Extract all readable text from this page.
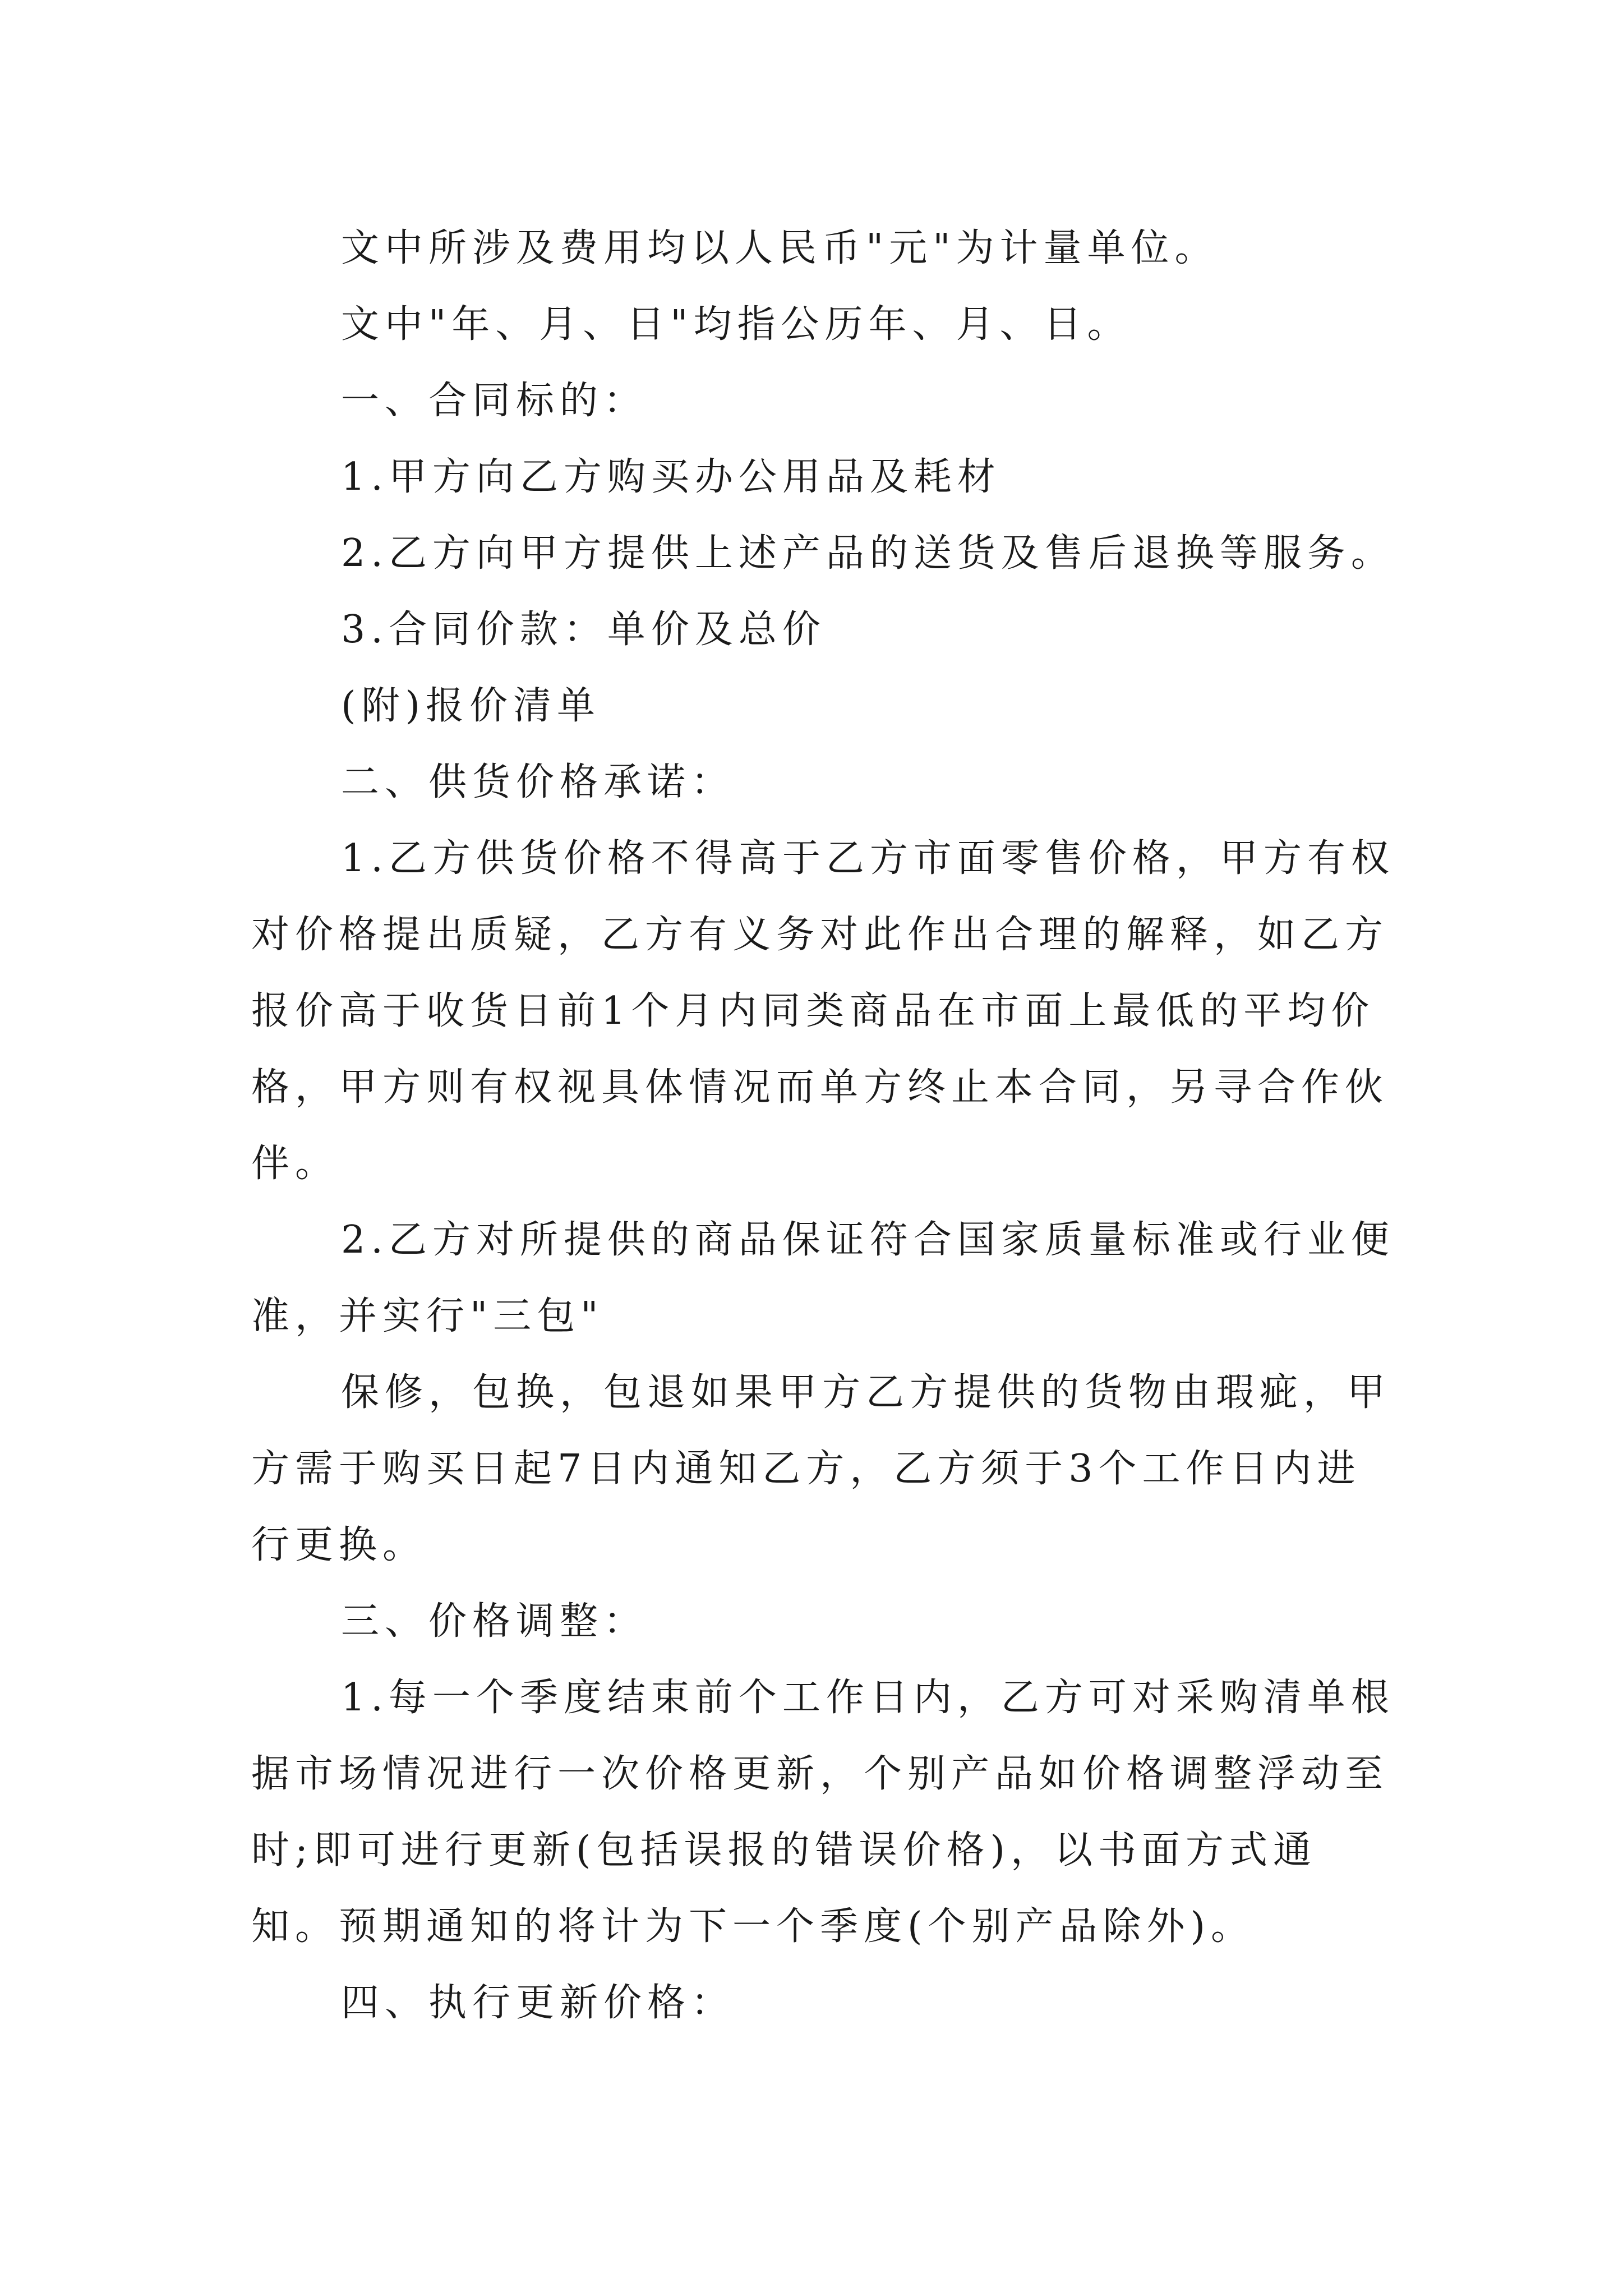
文中所涉及费用均以人民币"元"为计量单位。

文中"年、月、日"均指公历年、月、日。

一、合同标的：

1.甲方向乙方购买办公用品及耗材

2.乙方向甲方提供上述产品的送货及售后退换等服务。

3.合同价款：单价及总价

(附)报价清单

二、供货价格承诺：

1.乙方供货价格不得高于乙方市面零售价格，甲方有权对价格提出质疑，乙方有义务对此作出合理的解释，如乙方报价高于收货日前1个月内同类商品在市面上最低的平均价格，甲方则有权视具体情况而单方终止本合同，另寻合作伙伴。

2.乙方对所提供的商品保证符合国家质量标准或行业便准，并实行"三包"

保修，包换，包退如果甲方乙方提供的货物由瑕疵，甲方需于购买日起7日内通知乙方，乙方须于3个工作日内进行更换。

三、价格调整：

1.每一个季度结束前个工作日内，乙方可对采购清单根据市场情况进行一次价格更新，个别产品如价格调整浮动至时;即可进行更新(包括误报的错误价格)，以书面方式通知。预期通知的将计为下一个季度(个别产品除外)。

四、执行更新价格：
